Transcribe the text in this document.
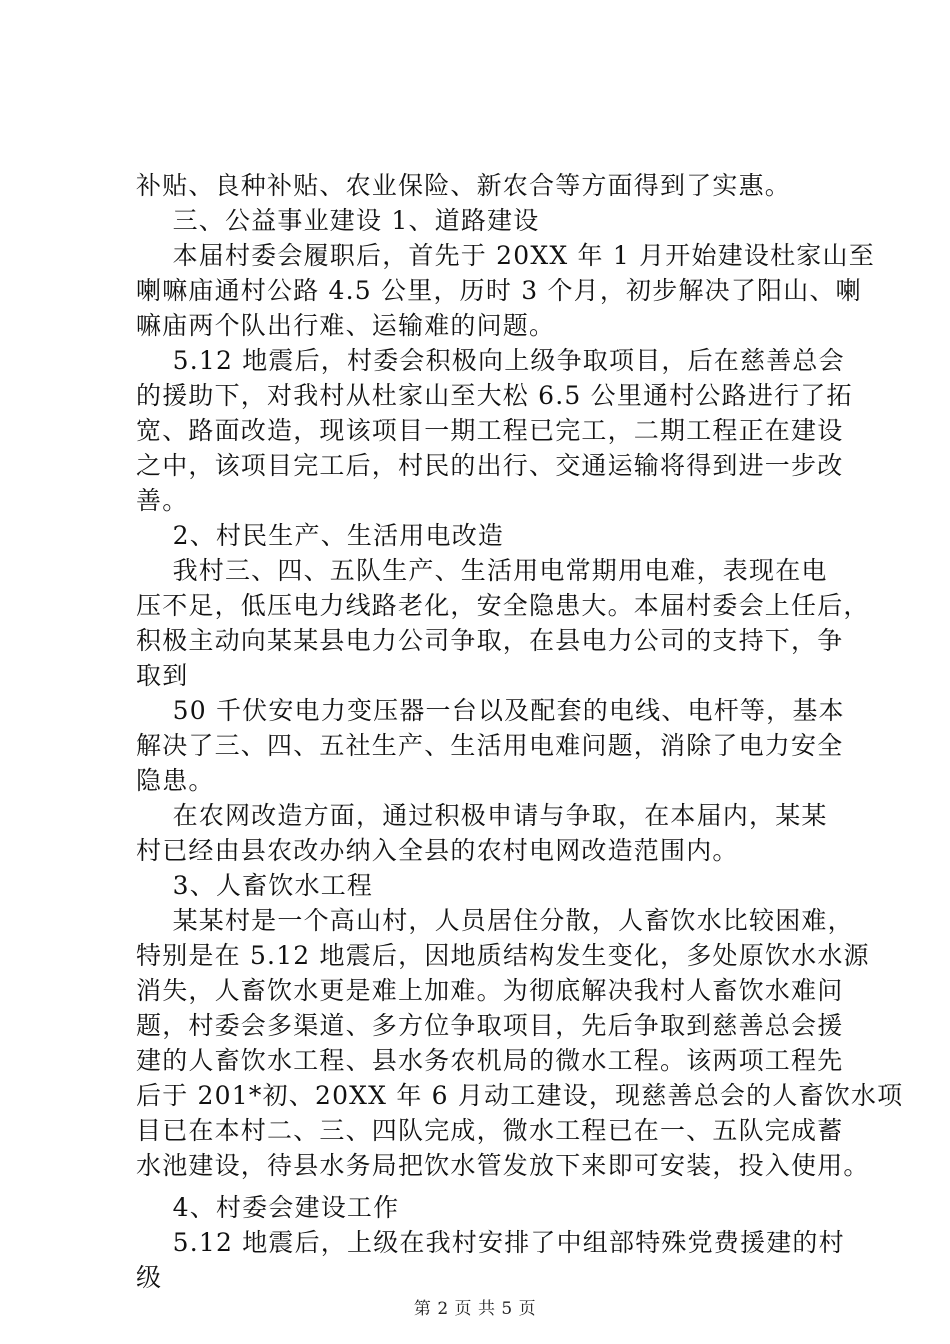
补贴、良种补贴、农业保险、新农合等方面得到了实惠。
三、公益事业建设 1、道路建设
本届村委会履职后，首先于 20XX 年 1 月开始建设杜家山至
喇嘛庙通村公路 4.5 公里，历时 3 个月，初步解决了阳山、喇
嘛庙两个队出行难、运输难的问题。
5.12 地震后，村委会积极向上级争取项目，后在慈善总会
的援助下，对我村从杜家山至大松 6.5 公里通村公路进行了拓
宽、路面改造，现该项目一期工程已完工，二期工程正在建设
之中，该项目完工后，村民的出行、交通运输将得到进一步改
善。
2、村民生产、生活用电改造
我村三、四、五队生产、生活用电常期用电难，表现在电
压不足，低压电力线路老化，安全隐患大。本届村委会上任后，
积极主动向某某县电力公司争取，在县电力公司的支持下，争
取到
50 千伏安电力变压器一台以及配套的电线、电杆等，基本
解决了三、四、五社生产、生活用电难问题，消除了电力安全
隐患。
在农网改造方面，通过积极申请与争取，在本届内，某某
村已经由县农改办纳入全县的农村电网改造范围内。
3、人畜饮水工程
某某村是一个高山村，人员居住分散，人畜饮水比较困难，
特别是在 5.12 地震后，因地质结构发生变化，多处原饮水水源
消失，人畜饮水更是难上加难。为彻底解决我村人畜饮水难问
题，村委会多渠道、多方位争取项目，先后争取到慈善总会援
建的人畜饮水工程、县水务农机局的微水工程。该两项工程先
后于 201*初、20XX 年 6 月动工建设，现慈善总会的人畜饮水项
目已在本村二、三、四队完成，微水工程已在一、五队完成蓄
水池建设，待县水务局把饮水管发放下来即可安装，投入使用。
4、村委会建设工作
5.12 地震后，上级在我村安排了中组部特殊党费援建的村
级
第 2 页 共 5 页
